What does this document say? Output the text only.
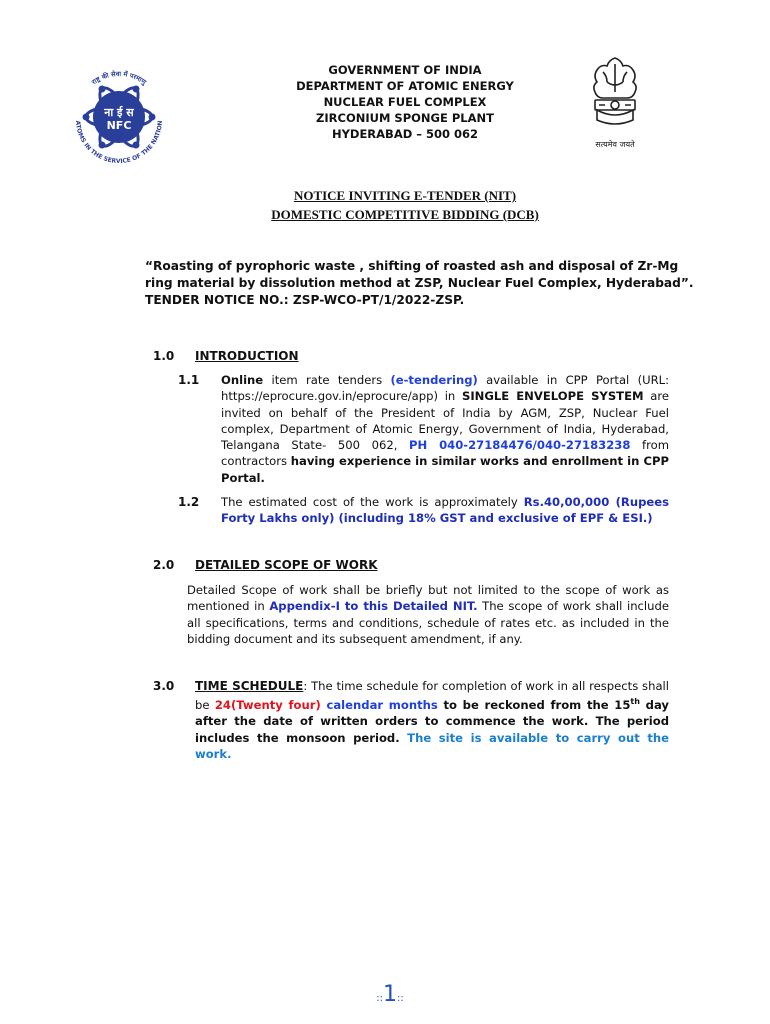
ना ई स
NFC
राष्ट्र की सेवा में परमाणु
ATOMS IN THE SERVICE OF THE NATION
GOVERNMENT OF INDIA
DEPARTMENT OF ATOMIC ENERGY
NUCLEAR FUEL COMPLEX
ZIRCONIUM SPONGE PLANT
HYDERABAD – 500 062
सत्यमेव जयते
NOTICE INVITING E-TENDER (NIT)
DOMESTIC COMPETITIVE BIDDING (DCB)
“Roasting of pyrophoric waste , shifting of roasted ash and disposal of Zr-Mg
ring material by dissolution method at ZSP, Nuclear Fuel Complex, Hyderabad”.
TENDER NOTICE NO.: ZSP-WCO-PT/1/2022-ZSP.
1.0 INTRODUCTION
1.1 Online item rate tenders (e-tendering) available in CPP Portal (URL: https://eprocure.gov.in/eprocure/app) in SINGLE ENVELOPE SYSTEM are invited on behalf of the President of India by AGM, ZSP, Nuclear Fuel complex, Department of Atomic Energy, Government of India, Hyderabad, Telangana State- 500 062, PH 040-27184476/040-27183238 from contractors having experience in similar works and enrollment in CPP Portal.
1.2 The estimated cost of the work is approximately Rs.40,00,000 (Rupees Forty Lakhs only) (including 18% GST and exclusive of EPF & ESI.)
2.0 DETAILED SCOPE OF WORK
Detailed Scope of work shall be briefly but not limited to the scope of work as mentioned in Appendix-I to this Detailed NIT. The scope of work shall include all specifications, terms and conditions, schedule of rates etc. as included in the bidding document and its subsequent amendment, if any.
3.0 TIME SCHEDULE: The time schedule for completion of work in all respects shall be 24(Twenty four) calendar months to be reckoned from the 15th day after the date of written orders to commence the work. The period includes the monsoon period. The site is available to carry out the work.
::1::
